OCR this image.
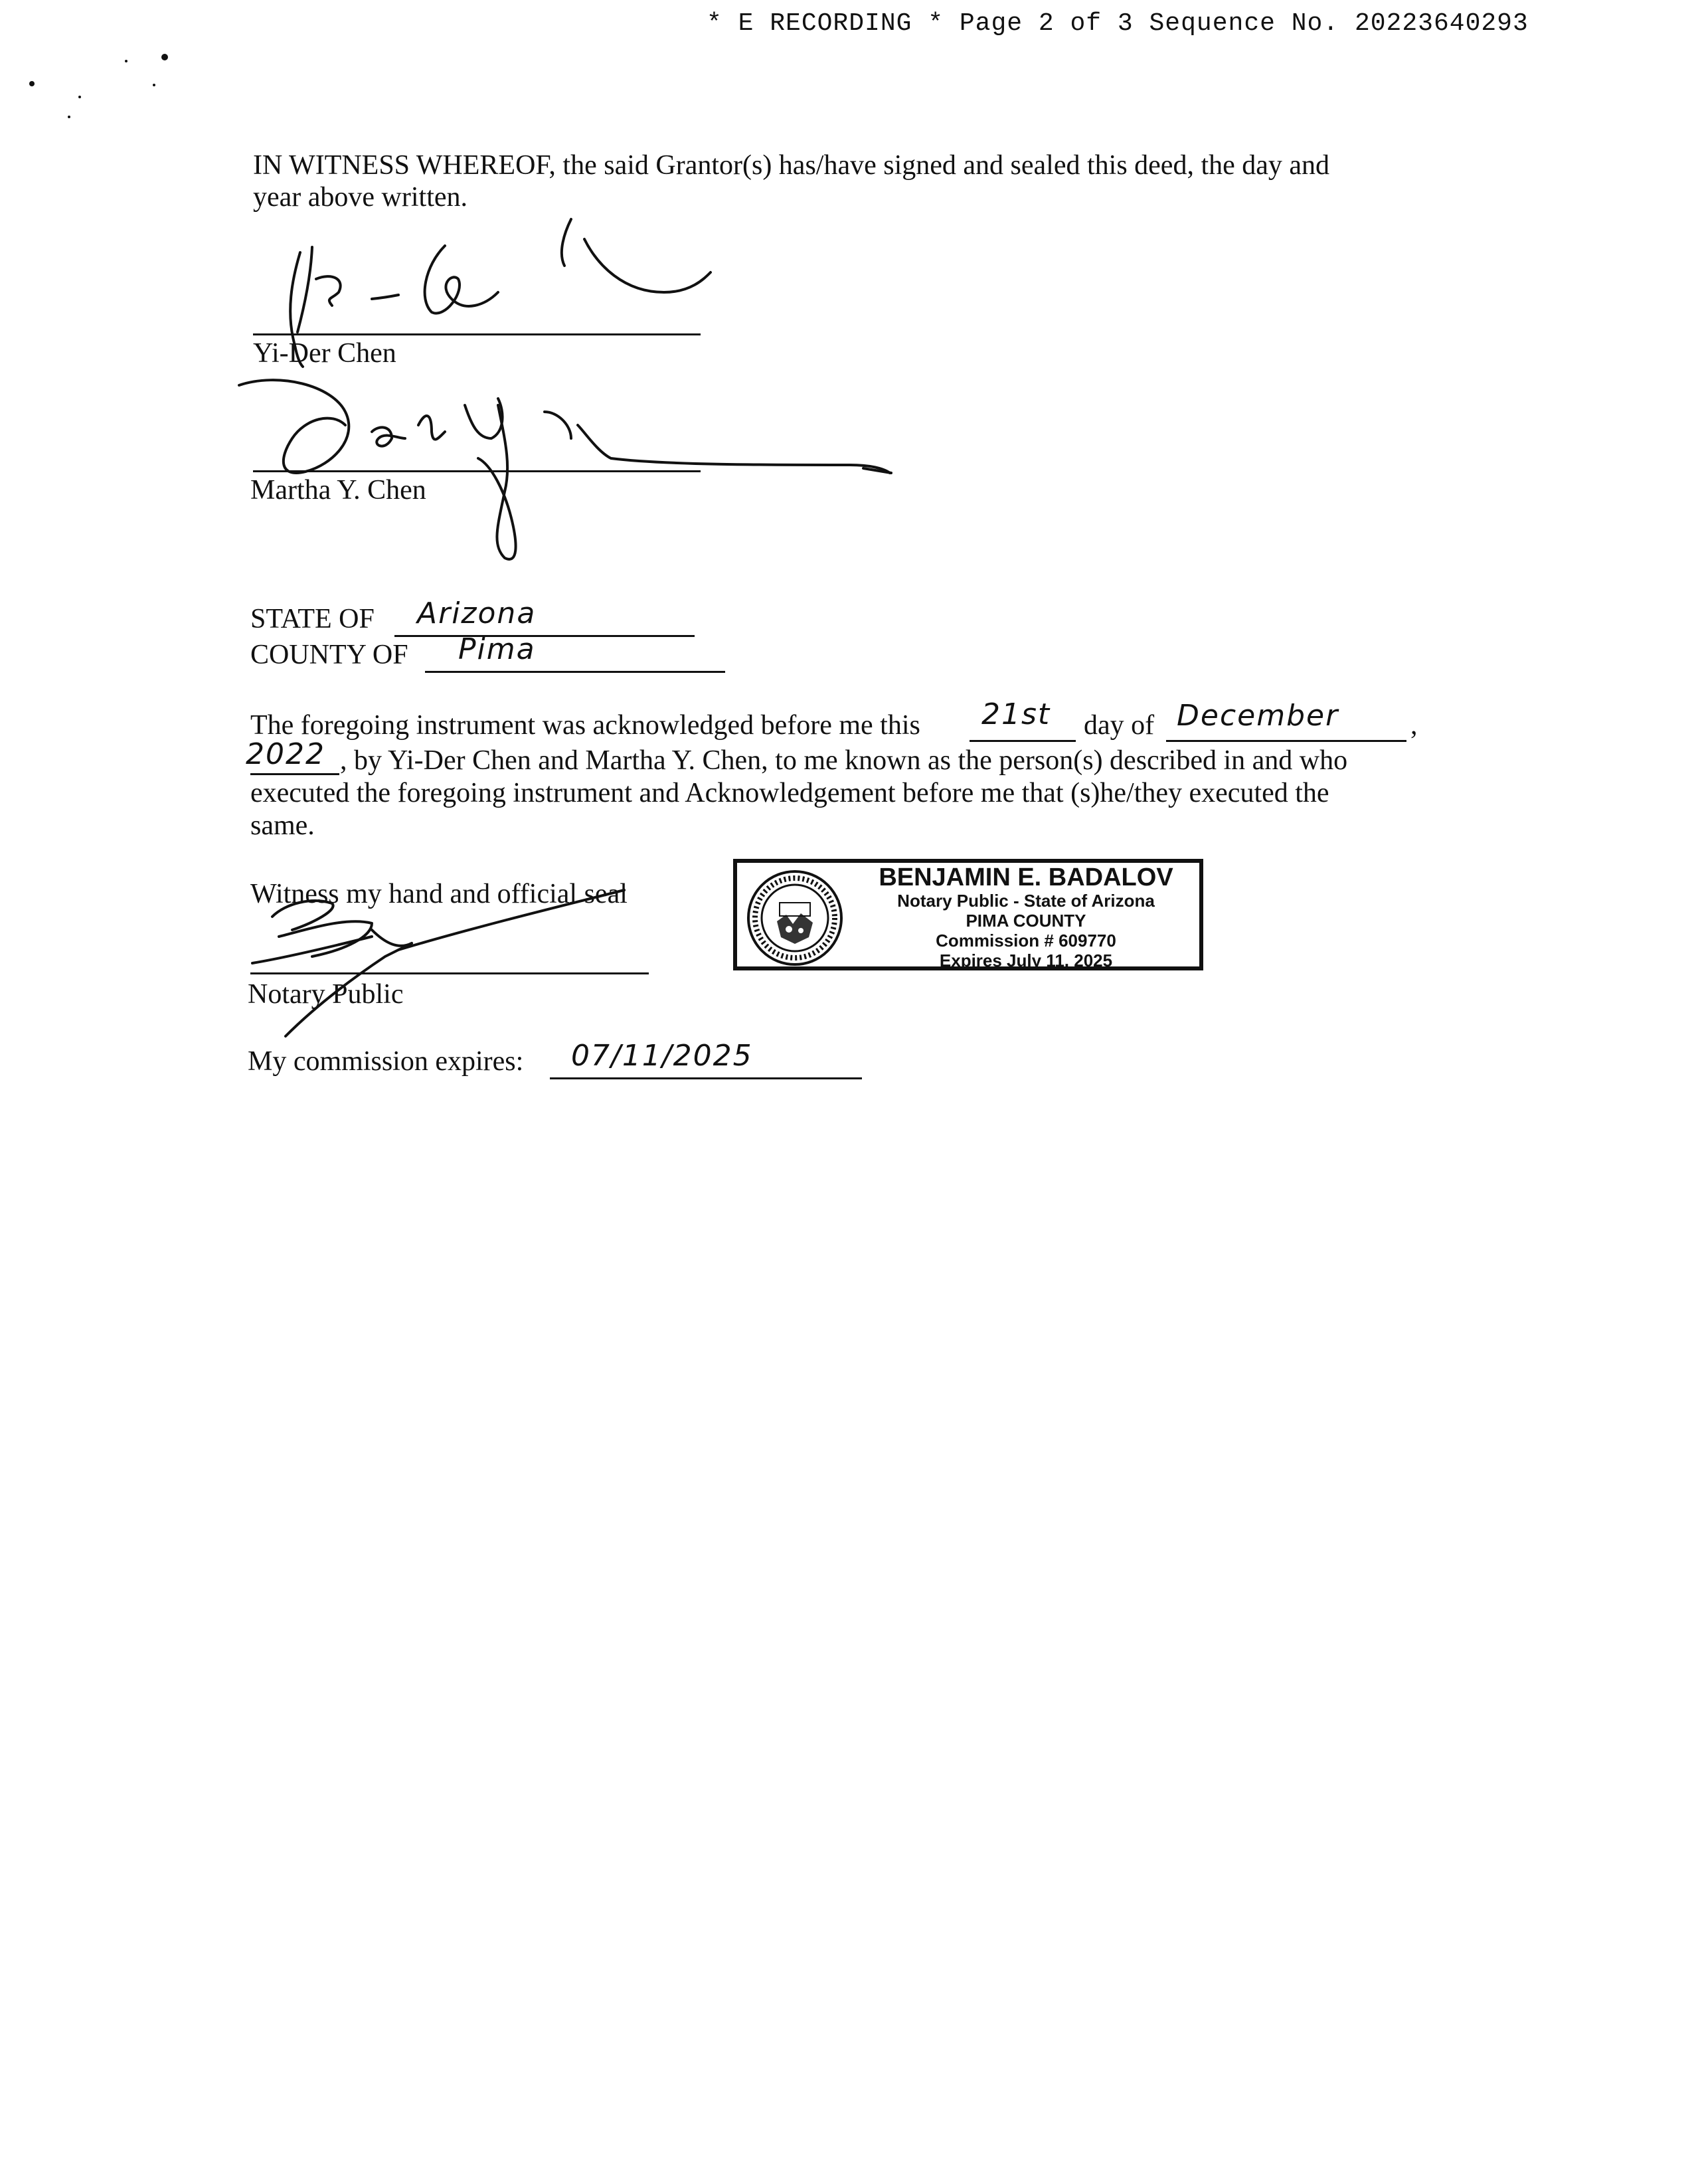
* E RECORDING * Page 2 of 3 Sequence No. 20223640293
IN WITNESS WHEREOF, the said Grantor(s) has/have signed and sealed this deed, the day and
year above written.
Yi-Der Chen
Martha Y. Chen
STATE OF Arizona
COUNTY OF Pima
The foregoing instrument was acknowledged before me this 21st day of December	,
2022 , by Yi-Der Chen and Martha Y. Chen, to me known as the person(s) described in and who
executed the foregoing instrument and Acknowledgement before me that (s)he/they executed the
same.
Witness my hand and official seal
Notary Public
My commission expires: 07/11/2025
BENJAMIN E. BADALOV
Notary Public - State of Arizona
PIMA COUNTY
Commission # 609770
Expires July 11, 2025
